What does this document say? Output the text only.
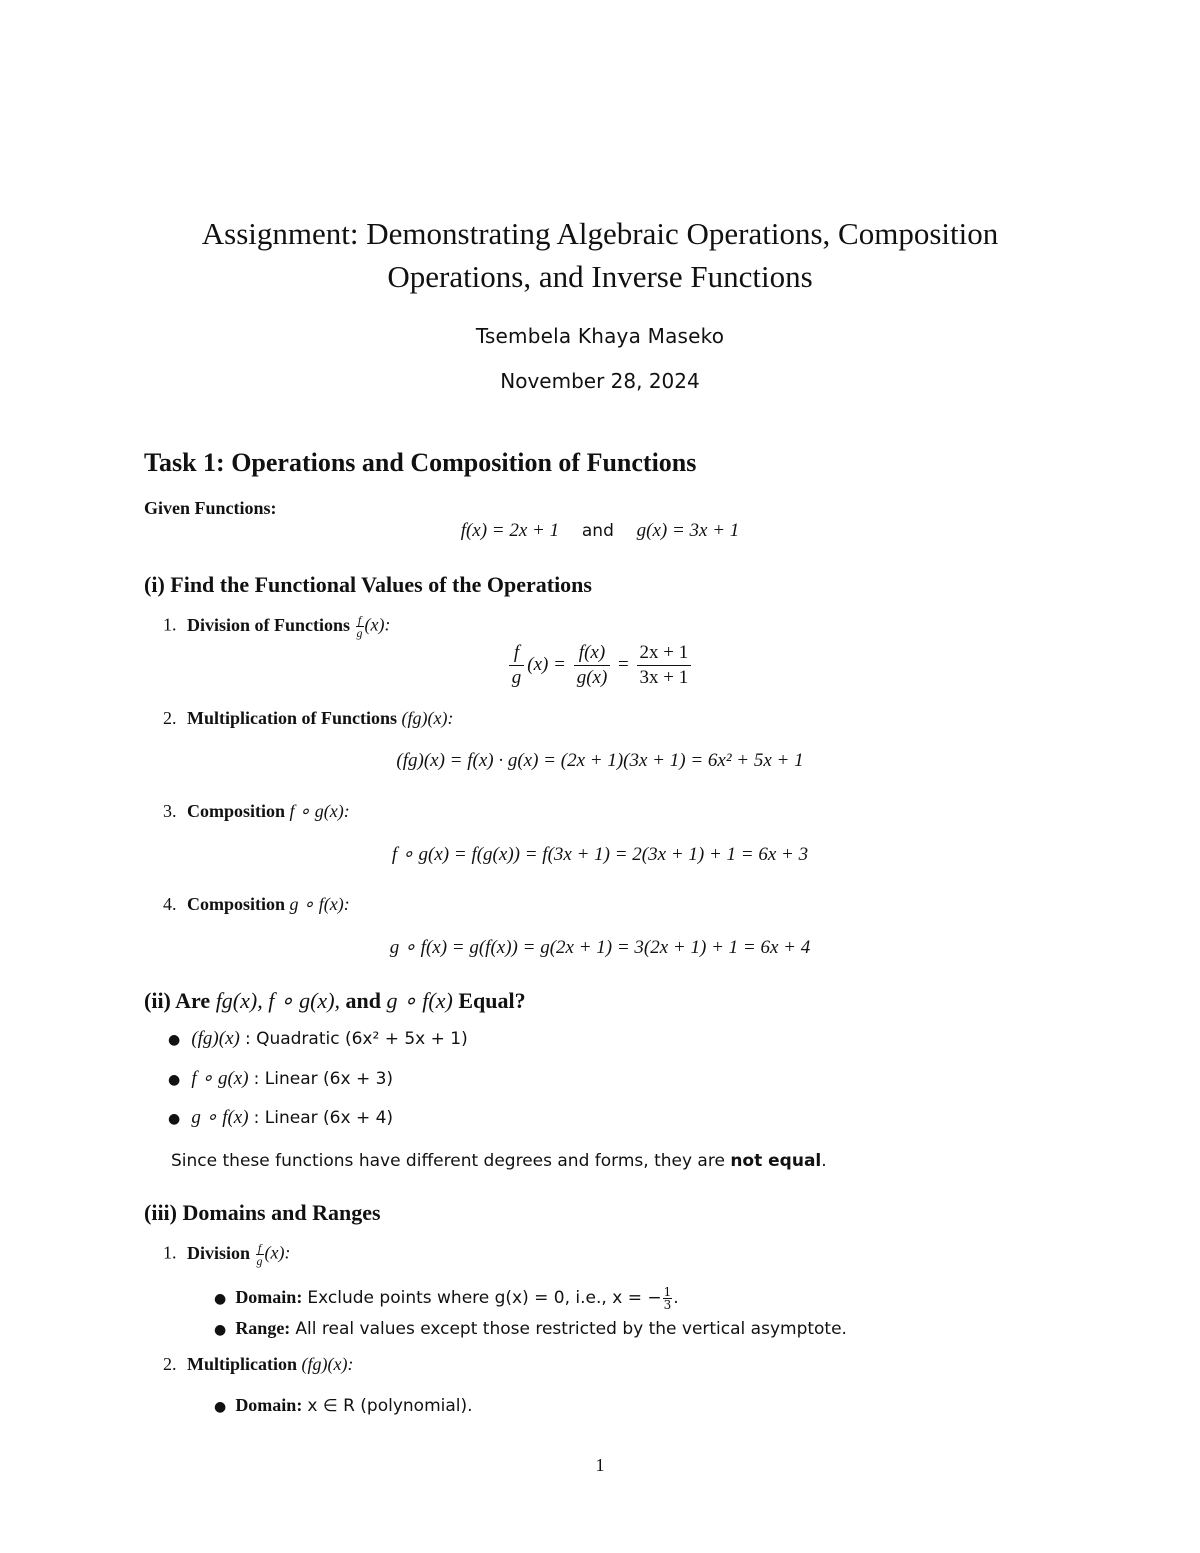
Assignment: Demonstrating Algebraic Operations, Composition
Operations, and Inverse Functions
Tsembela Khaya Maseko
November 28, 2024
Task 1: Operations and Composition of Functions
Given Functions:
f(x) = 2x + 1 and g(x) = 3x + 1
(i) Find the Functional Values of the Operations
1. Division of Functions $\frac{f}{g} (x)$:
$\frac{f}{g} (x) = \frac{f(x)}{g(x)} = \frac{2x + 1}{3x + 1}$
2. Multiplication of Functions (fg)(x):
(fg)(x) = f(x) · g(x) = (2x + 1)(3x + 1) = 6x² + 5x + 1
3. Composition f ∘ g(x):
f ∘ g(x) = f(g(x)) = f(3x + 1) = 2(3x + 1) + 1 = 6x + 3
4. Composition g ∘ f(x):
g ∘ f(x) = g(f(x)) = g(2x + 1) = 3(2x + 1) + 1 = 6x + 4
(ii) Are fg(x), f ∘ g(x), and g ∘ f(x) Equal?
● (fg)(x) : Quadratic (6x² + 5x + 1)
● f ∘ g(x) : Linear (6x + 3)
● g ∘ f(x) : Linear (6x + 4)
Since these functions have different degrees and forms, they are not equal.
(iii) Domains and Ranges
1. Division $\frac{f}{g} (x)$:
● Domain: Exclude points where g(x) = 0, i.e., x = − $\frac{1}{3}$ .
● Range: All real values except those restricted by the vertical asymptote.
2. Multiplication (fg)(x):
● Domain: x ∈ R (polynomial).
1
